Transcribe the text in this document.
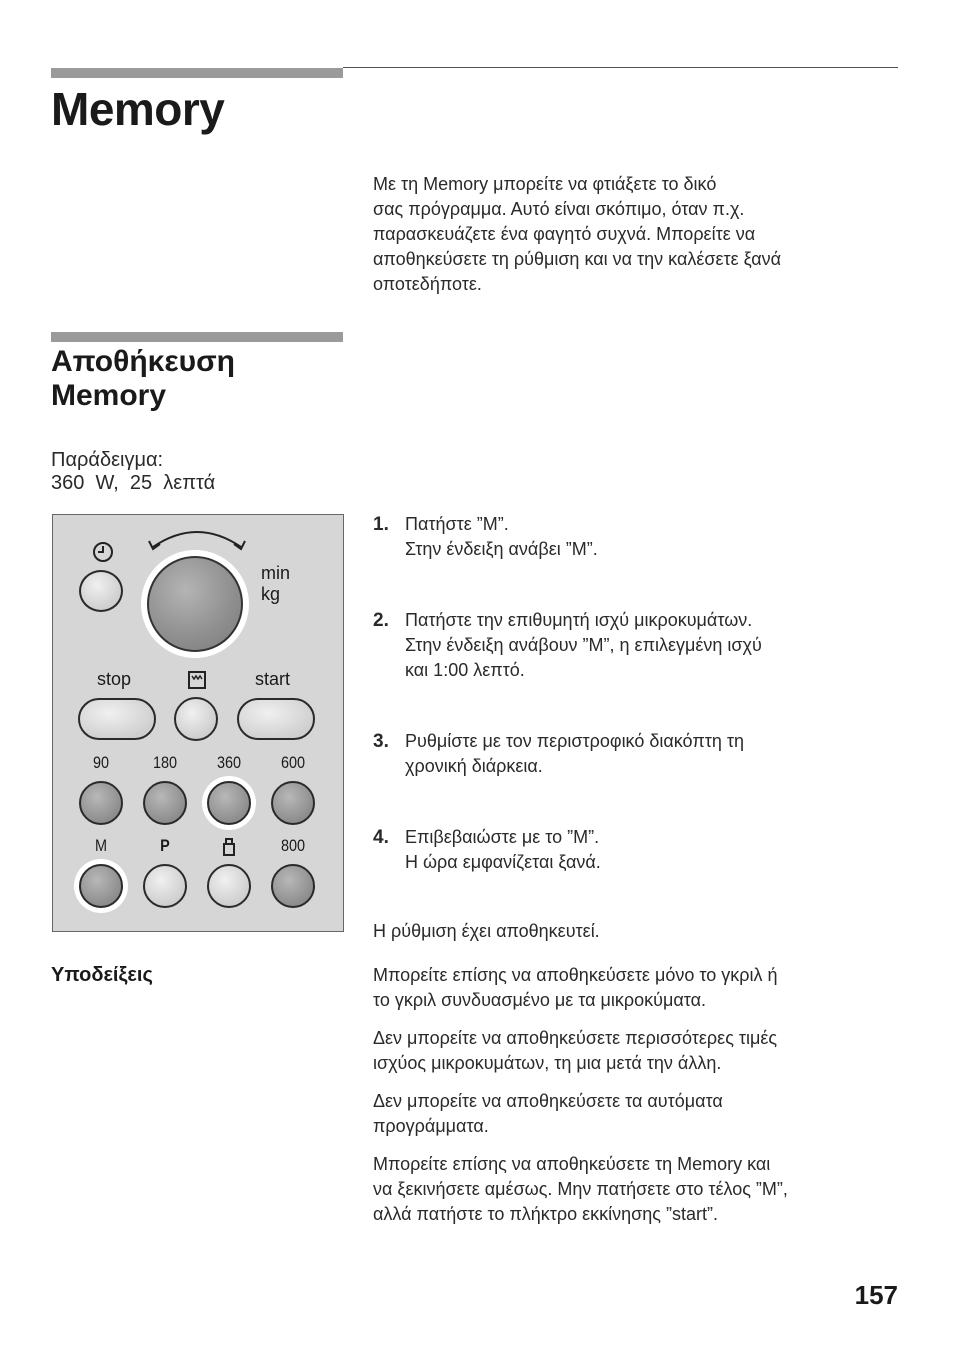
Memory
Με τη Memory μπορείτε να φτιάξετε το δικό
σας πρόγραμμα. Αυτό είναι σκόπιμο, όταν π.χ.
παρασκευάζετε ένα φαγητό συχνά. Μπορείτε να
αποθηκεύσετε τη ρύθμιση και να την καλέσετε ξανά
οποτεδήποτε.
Αποθήκευση
Memory
Παράδειγμα:
360  W,  25  λεπτά
min
kg
stop	start
90	180 360 600
M	P	800
1. Πατήστε ”M”.
Στην ένδειξη ανάβει ”M”.
2. Πατήστε την επιθυμητή ισχύ μικροκυμάτων.
Στην ένδειξη ανάβουν ”M”, η επιλεγμένη ισχύ
και 1:00 λεπτό.
3. Ρυθμίστε με τον περιστροφικό διακόπτη τη
χρονική διάρκεια.
4. Επιβεβαιώστε με το ”M”.
Η ώρα εμφανίζεται ξανά.
Η ρύθμιση έχει αποθηκευτεί.
Υποδείξεις	Μπορείτε επίσης να αποθηκεύσετε μόνο το γκριλ ή
το γκριλ συνδυασμένο με τα μικροκύματα.
Δεν μπορείτε να αποθηκεύσετε περισσότερες τιμές
ισχύος μικροκυμάτων, τη μια μετά την άλλη.
Δεν μπορείτε να αποθηκεύσετε τα αυτόματα
προγράμματα.
Μπορείτε επίσης να αποθηκεύσετε τη Memory και
να ξεκινήσετε αμέσως. Μην πατήσετε στο τέλος ”M”,
αλλά πατήστε το πλήκτρο εκκίνησης ”start”.
157
